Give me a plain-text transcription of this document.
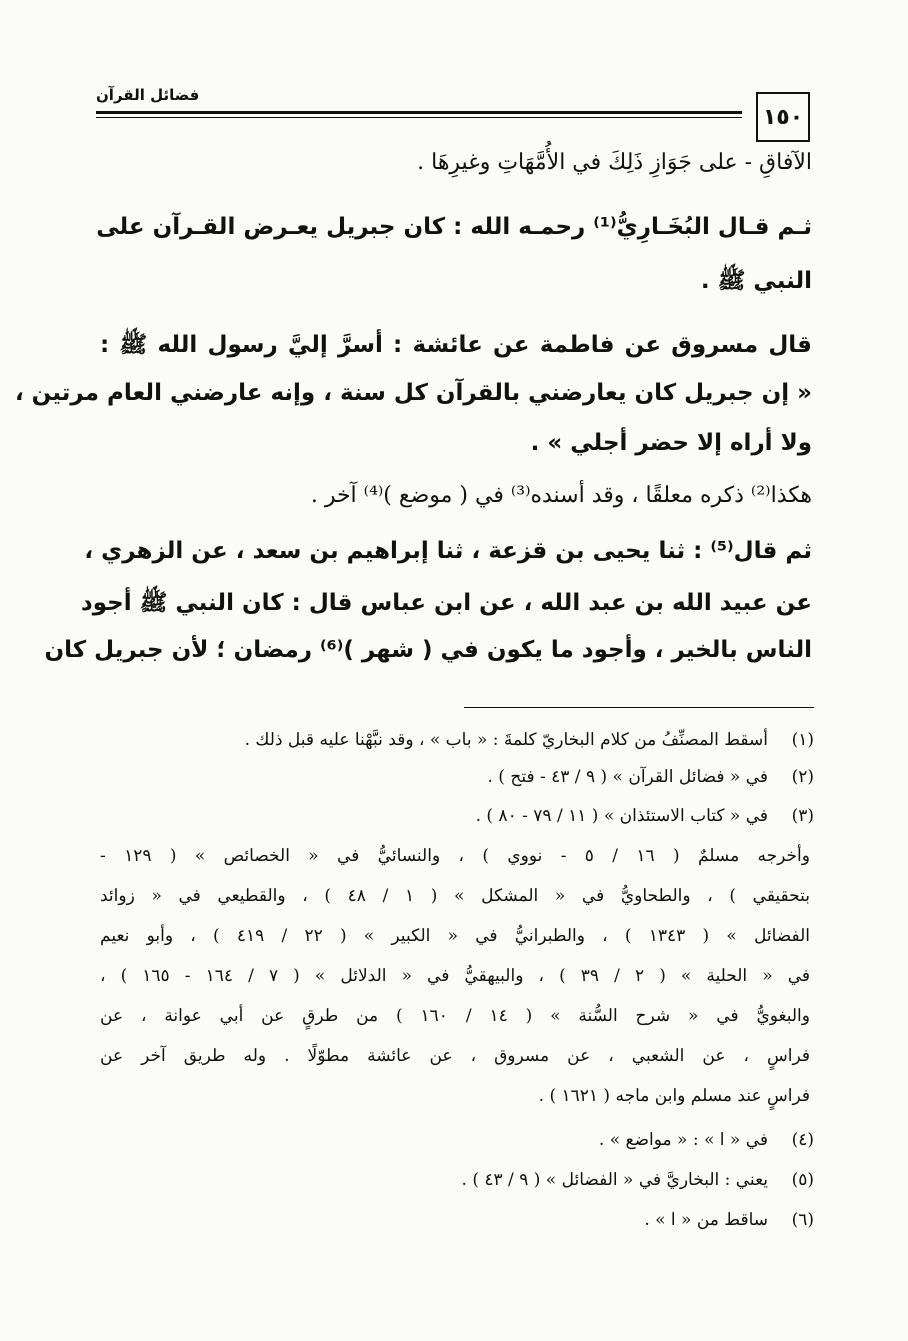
١٥٠
فضائل القرآن
الآفاقِ - على جَوَازِ ذَلِكَ في الأُمَّهَاتِ وغيرِهَا .
ثـم قـال البُخَـارِيُّ⁽¹⁾ رحمـه الله : كان جبريل يعـرض القـرآن على
النبي ﷺ .
قال مسروق عن فاطمة عن عائشة : أسرَّ إليَّ رسول الله ﷺ :
« إن جبريل كان يعارضني بالقرآن كل سنة ، وإنه عارضني العام مرتين ،
ولا أراه إلا حضر أجلي » .
هكذا⁽²⁾ ذكره معلقًا ، وقد أسنده⁽³⁾ في ( موضع )⁽⁴⁾ آخر .
ثم قال⁽⁵⁾ : ثنا يحيى بن قزعة ، ثنا إبراهيم بن سعد ، عن الزهري ،
عن عبيد الله بن عبد الله ، عن ابن عباس قال : كان النبي ﷺ أجود
الناس بالخير ، وأجود ما يكون في ( شهر )⁽⁶⁾ رمضان ؛ لأن جبريل كان
(١)
أسقط المصنِّفُ من كلام البخاريّ كلمةَ : « باب » ، وقد نبَّهْنا عليه قبل ذلك .
(٢)
في « فضائل القرآن » ( ٩ / ٤٣ - فتح ) .
(٣)
في « كتاب الاستئذان » ( ١١ / ٧٩ - ٨٠ ) .
وأخرجه مسلمٌ ( ١٦ / ٥ - نووي ) ، والنسائيُّ في « الخصائص » ( ١٢٩ -
بتحقيقي ) ، والطحاويُّ في « المشكل » ( ١ / ٤٨ ) ، والقطيعي في « زوائد
الفضائل » ( ١٣٤٣ ) ، والطبرانيُّ في « الكبير » ( ٢٢ / ٤١٩ ) ، وأبو نعيم
في « الحلية » ( ٢ / ٣٩ ) ، والبيهقيُّ في « الدلائل » ( ٧ / ١٦٤ - ١٦٥ ) ،
والبغويُّ في « شرح السُّنة » ( ١٤ / ١٦٠ ) من طرقٍ عن أبي عوانة ، عن
فراسٍ ، عن الشعبي ، عن مسروق ، عن عائشة مطوّلًا . وله طريق آخر عن
فراسٍ عند مسلم وابن ماجه ( ١٦٢١ ) .
(٤)
في « ا » : « مواضع » .
(٥)
يعني : البخاريَّ في « الفضائل » ( ٩ / ٤٣ ) .
(٦)
ساقط من « ا » .
